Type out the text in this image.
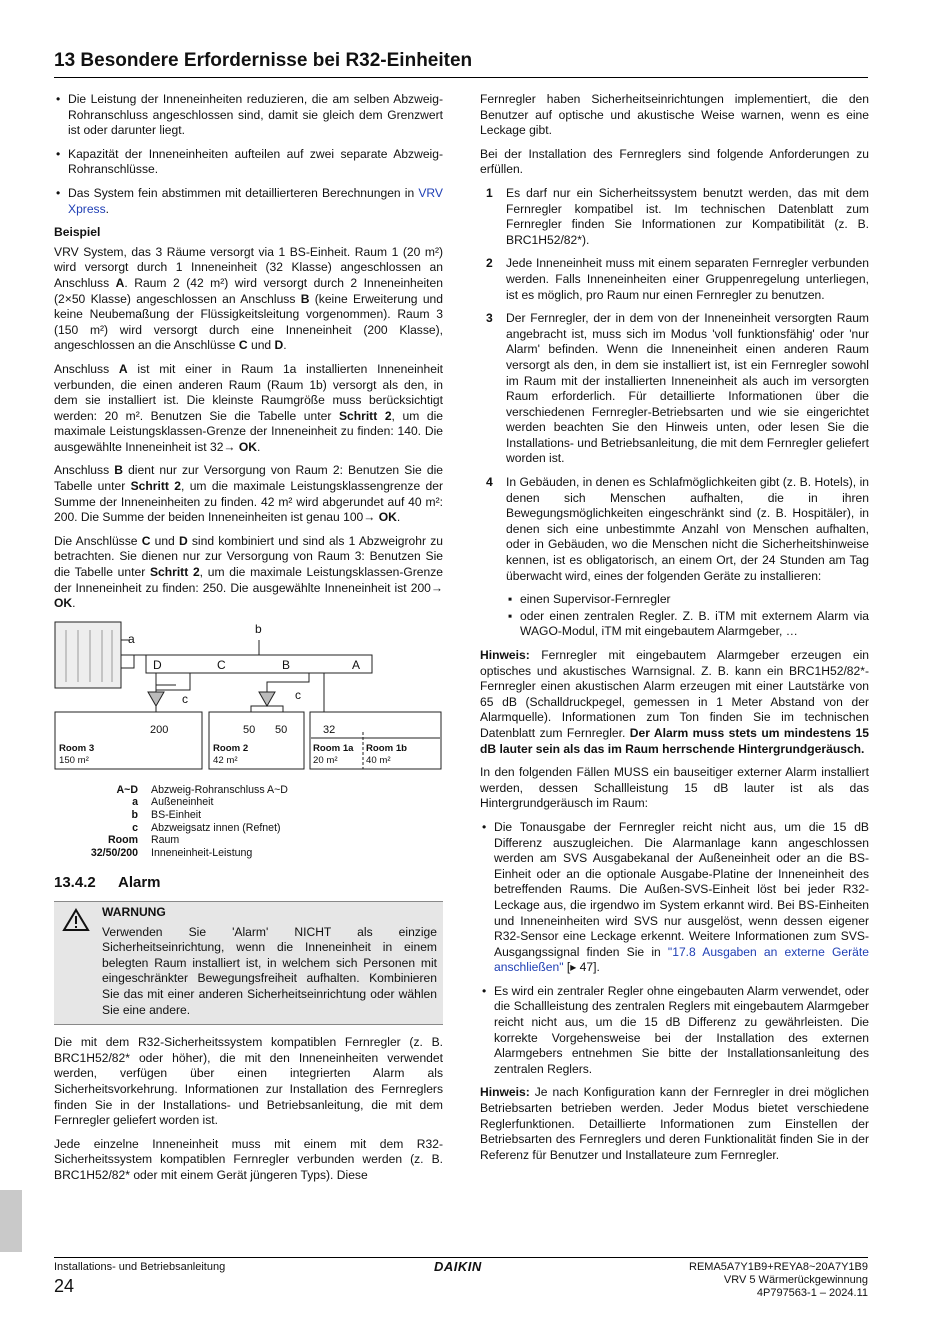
13 Besondere Erfordernisse bei R32-Einheiten
• Die Leistung der Inneneinheiten reduzieren, die am selben Abzweig-Rohranschluss angeschlossen sind, damit sie gleich dem Grenzwert ist oder darunter liegt.
• Kapazität der Inneneinheiten aufteilen auf zwei separate Abzweig-Rohranschlüsse.
• Das System fein abstimmen mit detaillierteren Berechnungen in VRV Xpress.
Beispiel

VRV System, das 3 Räume versorgt via 1 BS-Einheit. Raum 1 (20 m²) wird versorgt durch 1 Inneneinheit (32 Klasse) angeschlossen an Anschluss A. Raum 2 (42 m²) wird versorgt durch 2 Inneneinheiten (2×50 Klasse) angeschlossen an Anschluss B (keine Erweiterung und keine Neubemaßung der Flüssigkeitsleitung vorgenommen). Raum 3 (150 m²) wird versorgt durch eine Inneneinheit (200 Klasse), angeschlossen an die Anschlüsse C und D.

Anschluss A ist mit einer in Raum 1a installierten Inneneinheit verbunden, die einen anderen Raum (Raum 1b) versorgt als den, in dem sie installiert ist. Die kleinste Raumgröße muss berücksichtigt werden: 20 m². Benutzen Sie die Tabelle unter Schritt 2, um die maximale Leistungsklassen-Grenze der Inneneinheit zu finden: 140. Die ausgewählte Inneneinheit ist 32→ OK.

Anschluss B dient nur zur Versorgung von Raum 2: Benutzen Sie die Tabelle unter Schritt 2, um die maximale Leistungsklassengrenze der Summe der Inneneinheiten zu finden. 42 m² wird abgerundet auf 40 m²: 200. Die Summe der beiden Inneneinheiten ist genau 100→ OK.

Die Anschlüsse C und D sind kombiniert und sind als 1 Abzweigrohr zu betrachten. Sie dienen nur zur Versorgung von Raum 3: Benutzen Sie die Tabelle unter Schritt 2, um die maximale Leistungsklassen-Grenze der Inneneinheit zu finden: 250. Die ausgewählte Inneneinheit ist 200→ OK.

a
b
c	c
D	C	B	A
200	50 50	32
Room 3
150 m²
Room 2
42 m²
Room 1a
20 m²
Room 1b
40 m²
A~D Abzweig-Rohranschluss A~D
a Außeneinheit
b BS-Einheit
c Abzweigsatz innen (Refnet)
Room Raum
32/50/200 Inneneinheit-Leistung
13.4.2 Alarm
WARNUNG

Verwenden Sie 'Alarm' NICHT als einzige Sicherheitseinrichtung, wenn die Inneneinheit in einem belegten Raum installiert ist, in welchem sich Personen mit eingeschränkter Bewegungsfreiheit aufhalten. Kombinieren Sie das mit einer anderen Sicherheitseinrichtung oder wählen Sie eine andere.

Die mit dem R32-Sicherheitssystem kompatiblen Fernregler (z. B. BRC1H52/82* oder höher), die mit den Inneneinheiten verwendet werden, verfügen über einen integrierten Alarm als Sicherheitsvorkehrung. Informationen zur Installation des Fernreglers finden Sie in der Installations- und Betriebsanleitung, die mit dem Fernregler geliefert worden ist.

Jede einzelne Inneneinheit muss mit einem mit dem R32-Sicherheitssystem kompatiblen Fernregler verbunden werden (z. B. BRC1H52/82* oder mit einem Gerät jüngeren Typs). Diese

Fernregler haben Sicherheitseinrichtungen implementiert, die den Benutzer auf optische und akustische Weise warnen, wenn es eine Leckage gibt.

Bei der Installation des Fernreglers sind folgende Anforderungen zu erfüllen.

1 Es darf nur ein Sicherheitssystem benutzt werden, das mit dem Fernregler kompatibel ist. Im technischen Datenblatt zum Fernregler finden Sie Informationen zur Kompatibilität (z. B. BRC1H52/82*).
2 Jede Inneneinheit muss mit einem separaten Fernregler verbunden werden. Falls Inneneinheiten einer Gruppenregelung unterliegen, ist es möglich, pro Raum nur einen Fernregler zu benutzen.
3 Der Fernregler, der in dem von der Inneneinheit versorgten Raum angebracht ist, muss sich im Modus 'voll funktionsfähig' oder 'nur Alarm' befinden. Wenn die Inneneinheit einen anderen Raum versorgt als den, in dem sie installiert ist, ist ein Fernregler sowohl im Raum mit der installierten Inneneinheit als auch im versorgten Raum erforderlich. Für detaillierte Informationen über die verschiedenen Fernregler-Betriebsarten und wie sie eingerichtet werden beachten Sie den Hinweis unten, oder lesen Sie die Installations- und Betriebsanleitung, die mit dem Fernregler geliefert worden ist.
4 In Gebäuden, in denen es Schlafmöglichkeiten gibt (z. B. Hotels), in denen sich Menschen aufhalten, die in ihren Bewegungsmöglichkeiten eingeschränkt sind (z. B. Hospitäler), in denen sich eine unbestimmte Anzahl von Menschen aufhalten, oder in Gebäuden, wo die Menschen nicht die Sicherheitshinweise kennen, ist es obligatorisch, an einem Ort, der 24 Stunden am Tag überwacht wird, eines der folgenden Geräte zu installieren:
▪ einen Supervisor-Fernregler
▪ oder einen zentralen Regler. Z. B. iTM mit externem Alarm via WAGO-Modul, iTM mit eingebautem Alarmgeber, …

Hinweis: Fernregler mit eingebautem Alarmgeber erzeugen ein optisches und akustisches Warnsignal. Z. B. kann ein BRC1H52/82*-Fernregler einen akustischen Alarm erzeugen mit einer Lautstärke von 65 dB (Schalldruckpegel, gemessen in 1 Meter Abstand von der Alarmquelle). Informationen zum Ton finden Sie im technischen Datenblatt zum Fernregler. Der Alarm muss stets um mindestens 15 dB lauter sein als das im Raum herrschende Hintergrundgeräusch.

In den folgenden Fällen MUSS ein bauseitiger externer Alarm installiert werden, dessen Schallleistung 15 dB lauter ist als das Hintergrundgeräusch im Raum:

• Die Tonausgabe der Fernregler reicht nicht aus, um die 15 dB Differenz auszugleichen. Die Alarmanlage kann angeschlossen werden am SVS Ausgabekanal der Außeneinheit oder an die BS-Einheit oder an die optionale Ausgabe-Platine der Inneneinheit des betreffenden Raums. Die Außen-SVS-Einheit löst bei jeder R32-Leckage aus, die irgendwo im System erkannt wird. Bei BS-Einheiten und Inneneinheiten wird SVS nur ausgelöst, wenn dessen eigener R32-Sensor eine Leckage erkennt. Weitere Informationen zum SVS-Ausgangssignal finden Sie in "17.8 Ausgaben an externe Geräte anschließen" [▸ 47].
• Es wird ein zentraler Regler ohne eingebauten Alarm verwendet, oder die Schallleistung des zentralen Reglers mit eingebautem Alarmgeber reicht nicht aus, um die 15 dB Differenz zu gewährleisten. Die korrekte Vorgehensweise bei der Installation des externen Alarmgebers entnehmen Sie bitte der Installationsanleitung des zentralen Reglers.

Hinweis: Je nach Konfiguration kann der Fernregler in drei möglichen Betriebsarten betrieben werden. Jeder Modus bietet verschiedene Reglerfunktionen. Detaillierte Informationen zum Einstellen der Betriebsarten des Fernreglers und deren Funktionalität finden Sie in der Referenz für Benutzer und Installateure zum Fernregler.

Installations- und Betriebsanleitung
24
DAIKIN	REMA5A7Y1B9+REYA8~20A7Y1B9
VRV 5 Wärmerückgewinnung
4P797563-1 – 2024.11
